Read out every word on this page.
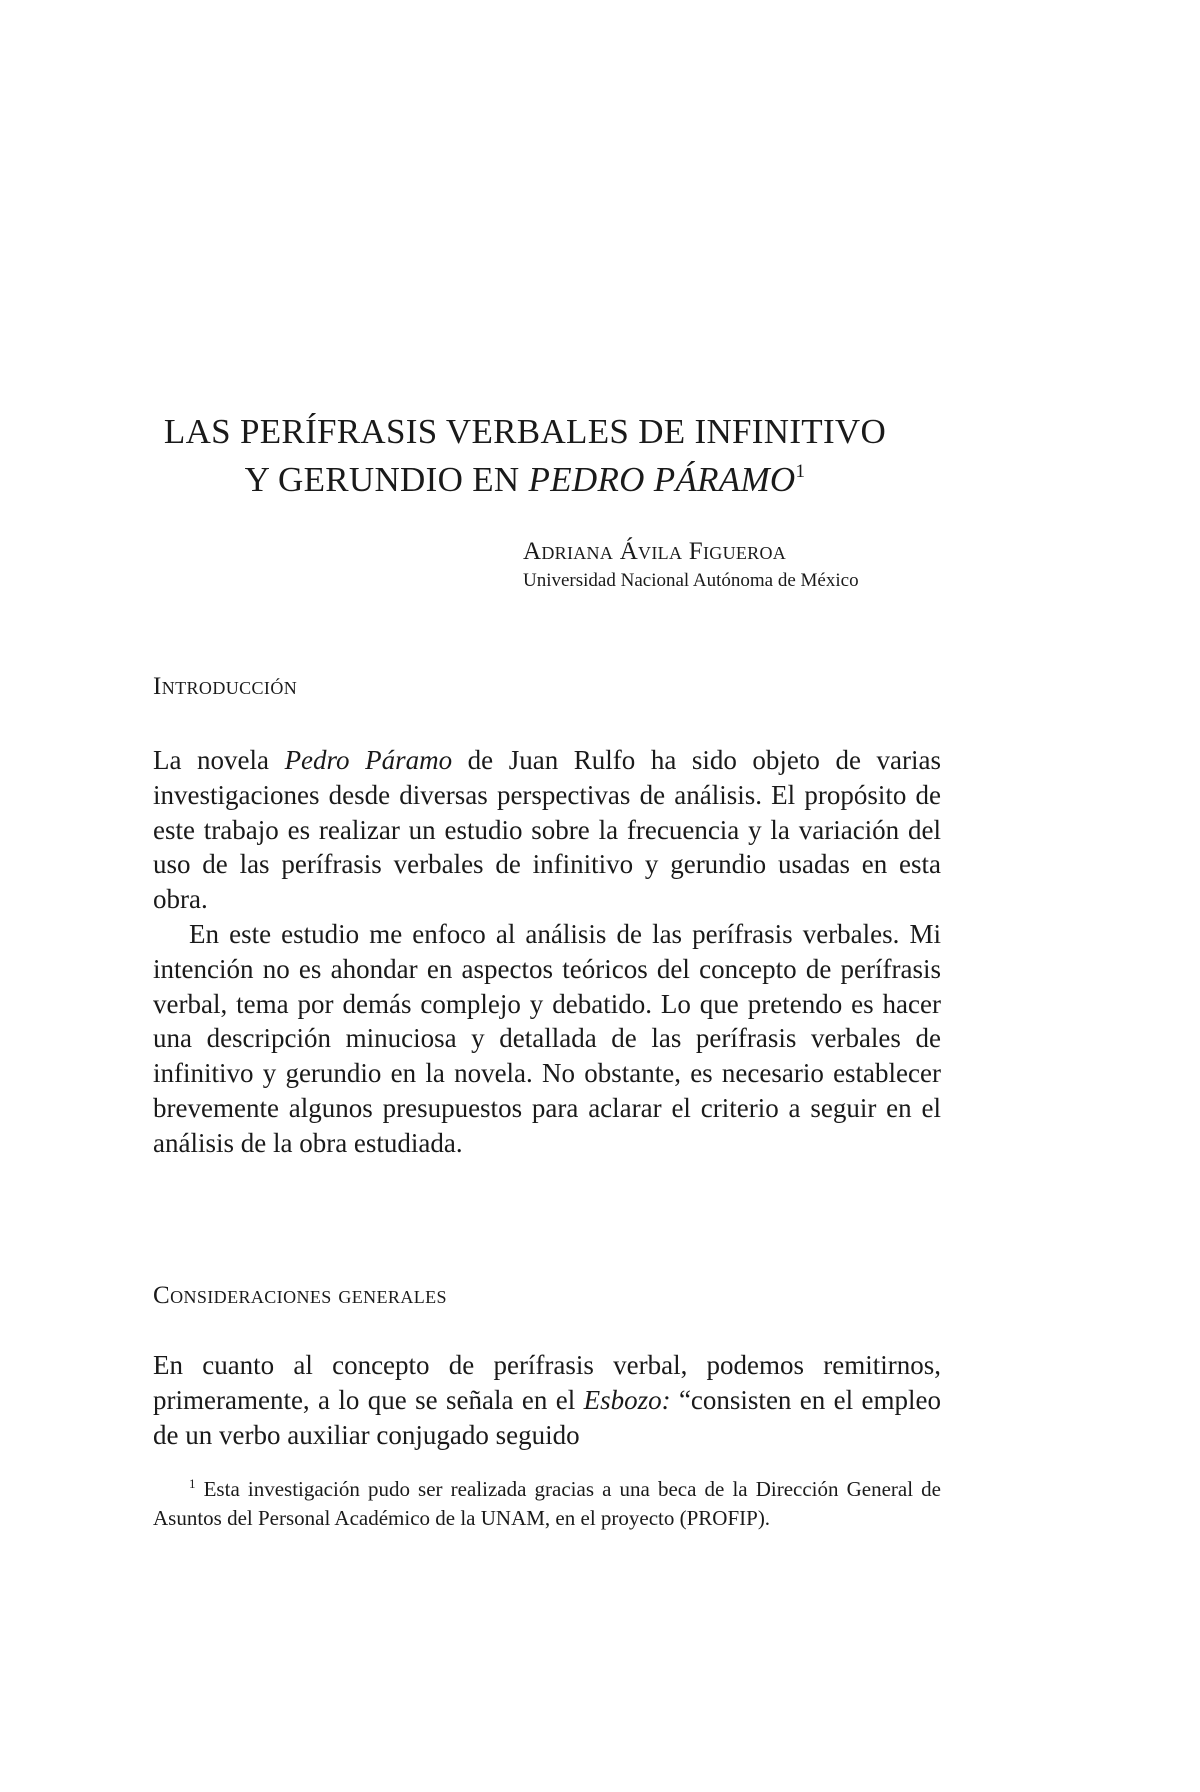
LAS PERÍFRASIS VERBALES DE INFINITIVO
Y GERUNDIO EN PEDRO PÁRAMO$^1$
Adriana Ávila Figueroa
Universidad Nacional Autónoma de México
Introducción

La novela Pedro Páramo de Juan Rulfo ha sido objeto de varias investigaciones desde diversas perspectivas de análisis. El propósito de este trabajo es realizar un estudio sobre la frecuencia y la variación del uso de las perífrasis verbales de infinitivo y gerundio usadas en esta obra.

En este estudio me enfoco al análisis de las perífrasis verbales. Mi intención no es ahondar en aspectos teóricos del concepto de perífrasis verbal, tema por demás complejo y debatido. Lo que pretendo es hacer una descripción minuciosa y detallada de las perífrasis verbales de infinitivo y gerundio en la novela. No obstante, es necesario establecer brevemente algunos presupuestos para aclarar el criterio a seguir en el análisis de la obra estudiada.

Consideraciones generales

En cuanto al concepto de perífrasis verbal, podemos remitirnos, primeramente, a lo que se señala en el Esbozo: “consisten en el empleo de un verbo auxiliar conjugado seguido

$^1$ Esta investigación pudo ser realizada gracias a una beca de la Dirección General de Asuntos del Personal Académico de la UNAM, en el proyecto (PROFIP).
